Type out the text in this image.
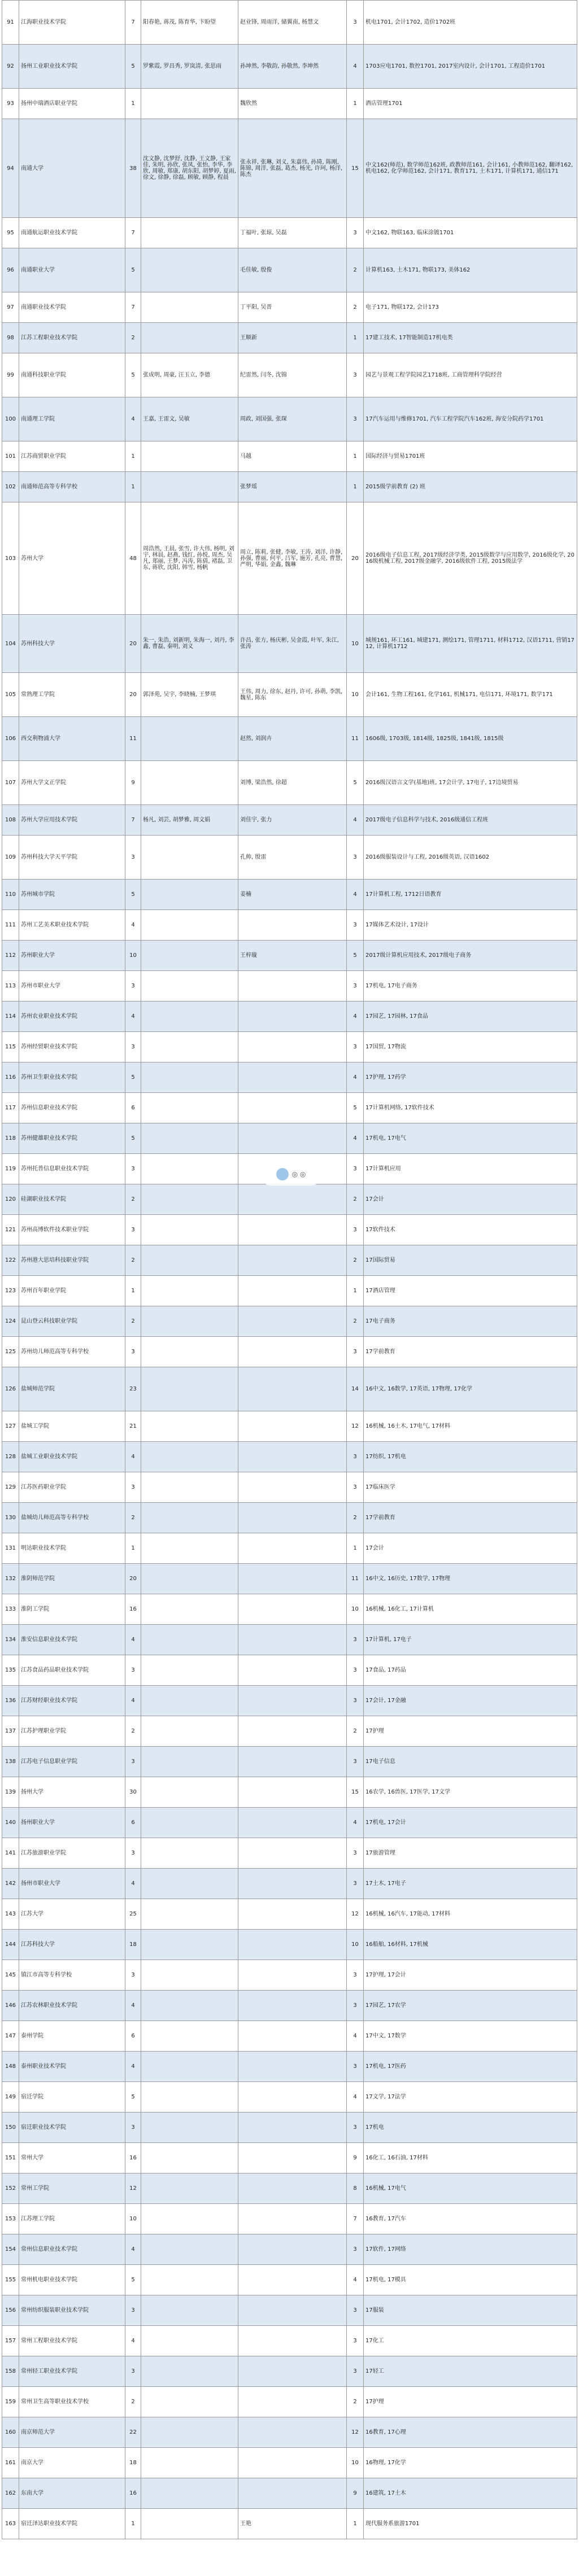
91	江海职业技术学院	7	阳春艳, 蒋茂, 陈育华, 卞盼望	赵业锋, 周雨洋, 储翼南, 杨慧文	3	机电1701, 会计1702, 造价1702班
92	扬州工业职业技术学院	5	罗紫霞, 罗昌秀, 罗岚清, 张思雨	孙坤然, 李敬韵, 孙敬然, 李坤然	4	1703应电1701, 数控1701, 2017室内设计, 会计1701, 工程造价1701
93	扬州中瑞酒店职业学院	1		魏欣然	1	酒店管理1701
94	南通大学	38	沈文静, 沈梦舒, 沈静, 王文静, 王家佳, 朱明, 孙欣, 张凤, 张怡, 李华, 李欣, 周敏, 郑康, 胡东阳, 胡梦婷, 夏雨, 徐文, 徐静, 徐磊, 顾敏, 顾静, 程晨	张永祥, 张琳, 刘义, 朱嘉伟, 孙琦, 陈刚, 陈锦, 周洋, 张磊, 葛杰, 杨光, 许珂, 杨洋, 陈杰	15	中文162(师范), 数学师范162班, 政教师范161, 会计161, 小教师范162, 翻译162, 机电162, 化学师范162, 会计171, 教育171, 土木171, 计算机171, 通信171
95	南通航运职业技术学院	7		丁福叶, 张琼, 吴磊	3	中文162, 物联163, 临床涂镀1701
96	南通职业大学	5		毛佳敏, 殷俊	2	计算机163, 土木171, 物联173, 美体162
97	南通职业技术学院	7		丁平阳, 吴晋	2	电子171, 物联172, 会计173
98	江苏工程职业技术学院	2		王顺新	1	17建工技术, 17智能制造17机电类
99	南通科技职业学院	5	张成明, 周豪, 汪玉立, 李德	纪雷然, 闫冬, 沈锦	3	园艺与景观工程学院园艺1718班, 工商管理科学院经营
100	南通理工学院	4	王嘉, 王雷文, 吴敏	周政, 刘国强, 张琛	3	17汽车运用与维修1701, 汽车工程学院汽车162班, 海安分院药学1701
101	江苏商贸职业学院	1		马越	1	国际经济与贸易1701班
102	南通师范高等专科学校	1		张梦瑶	1	2015级学前教育 (2) 班
103	苏州大学	48	周浩然, 王晨, 张雪, 许大伟, 杨明, 刘宇, 林晨, 赵燕, 钱红, 孙悦, 周杰, 吴凡, 郑丽, 王梦, 冯涛, 陈倩, 褚磊, 卫东, 蒋欣, 沈阳, 韩雪, 杨帆	周立, 陈莉, 张健, 李敏, 王涛, 刘洋, 许静, 孙强, 曹丽, 何平, 吕军, 施芳, 孔亮, 曹慧, 严明, 华娟, 金鑫, 魏琳	20	2016级电子信息工程, 2017级经济学类, 2015级数学与应用数学, 2016级化学, 2016级机械工程, 2017级金融学, 2016级软件工程, 2015级法学
104	苏州科技大学	20	朱一, 朱浩, 刘新明, 朱海一, 刘丹, 李鑫, 曹磊, 秦明, 刘义	许昌, 张方, 杨庆彬, 吴金霞, 叶军, 朱江, 张涛	10	城规161, 环工161, 城建171, 测绘171, 管理1711, 材料1712, 汉语1711, 营销1712, 计算机1712
105	常熟理工学院	20	郭泽苑, 吴宇, 李晓楠, 王梦琪	王伟, 周力, 徐东, 赵丹, 许可, 孙萌, 李凯, 魏星, 陈东	10	会计161, 生物工程161, 化学161, 机械171, 电信171, 环境171, 数学171
106	西交利物浦大学	11		赵然, 刘润卉	11	1606级, 1703级, 1814级, 1825级, 1841级, 1815级
107	苏州大学文正学院	9		刘博, 梁浩然, 徐超	5	2016级汉语言文学(基地)班, 17会计学, 17电子, 17边境贸易
108	苏州大学应用技术学院	7	杨凡, 刘芸, 胡梦雅, 周文娟	刘佳宇, 张力	4	2017级电子信息科学与技术, 2016级通信工程班
109	苏州科技大学天平学院	3		孔帅, 殷雷	3	2016级服装设计与工程, 2016级英语, 汉语1602
110	苏州城市学院	5		姜楠	4	17计算机工程, 1712日语教育
111	苏州工艺美术职业技术学院	4			3	17媒体艺术设计, 17设计
112	苏州职业大学	10		王梓璇	5	2017级计算机应用技术, 2017级电子商务
113	苏州市职业大学	3			3	17机电, 17电子商务
114	苏州农业职业技术学院	4			4	17园艺, 17园林, 17食品
115	苏州经贸职业技术学院	3			3	17国贸, 17物流
116	苏州卫生职业技术学院	5			4	17护理, 17药学
117	苏州信息职业技术学院	6			5	17计算机网络, 17软件技术
118	苏州健雄职业技术学院	5			4	17机电, 17电气
119	苏州托普信息职业技术学院	3			3	17计算机应用
120	硅湖职业技术学院	2			2	17会计
121	苏州高博软件技术职业学院	3			3	17软件技术
122	苏州港大思培科技职业学院	2			2	17国际贸易
123	苏州百年职业学院	1			1	17酒店管理
124	昆山登云科技职业学院	2			2	17电子商务
125	苏州幼儿师范高等专科学校	3			3	17学前教育
126	盐城师范学院	23			14	16中文, 16数学, 17英语, 17物理, 17化学
127	盐城工学院	21			12	16机械, 16土木, 17电气, 17材料
128	盐城工业职业技术学院	4			3	17纺织, 17机电
129	江苏医药职业学院	3			3	17临床医学
130	盐城幼儿师范高等专科学校	2			2	17学前教育
131	明达职业技术学院	1			1	17会计
132	淮阴师范学院	20			11	16中文, 16历史, 17数学, 17物理
133	淮阴工学院	16			10	16机械, 16化工, 17计算机
134	淮安信息职业技术学院	4			3	17计算机, 17电子
135	江苏食品药品职业技术学院	3			3	17食品, 17药品
136	江苏财经职业技术学院	4			3	17会计, 17金融
137	江苏护理职业学院	2			2	17护理
138	江苏电子信息职业学院	3			3	17电子信息
139	扬州大学	30			15	16农学, 16兽医, 17医学, 17文学
140	扬州职业大学	6			4	17机电, 17会计
141	江苏旅游职业学院	3			3	17旅游管理
142	扬州市职业大学	4			3	17土木, 17电子
143	江苏大学	25			12	16机械, 16汽车, 17能动, 17材料
144	江苏科技大学	18			10	16船舶, 16材料, 17机械
145	镇江市高等专科学校	3			3	17护理, 17会计
146	江苏农林职业技术学院	4			3	17园艺, 17农学
147	泰州学院	6			4	17中文, 17数学
148	泰州职业技术学院	4			3	17机电, 17医药
149	宿迁学院	5			4	17文学, 17法学
150	宿迁职业技术学院	3			3	17机电
151	常州大学	16			9	16化工, 16石油, 17材料
152	常州工学院	12			8	16机械, 17电气
153	江苏理工学院	10			7	16教育, 17汽车
154	常州信息职业技术学院	4			3	17软件, 17网络
155	常州机电职业技术学院	5			4	17机电, 17模具
156	常州纺织服装职业技术学院	3			3	17服装
157	常州工程职业技术学院	4			3	17化工
158	常州轻工职业技术学院	3			3	17轻工
159	常州卫生高等职业技术学校	2			2	17护理
160	南京师范大学	22			12	16教育, 17心理
161	南京大学	18			10	16物理, 17化学
162	东南大学	16			9	16建筑, 17土木
163	宿迁泽达职业技术学院	1		王艳	1	现代服务系旅游1701
◎ ◎
